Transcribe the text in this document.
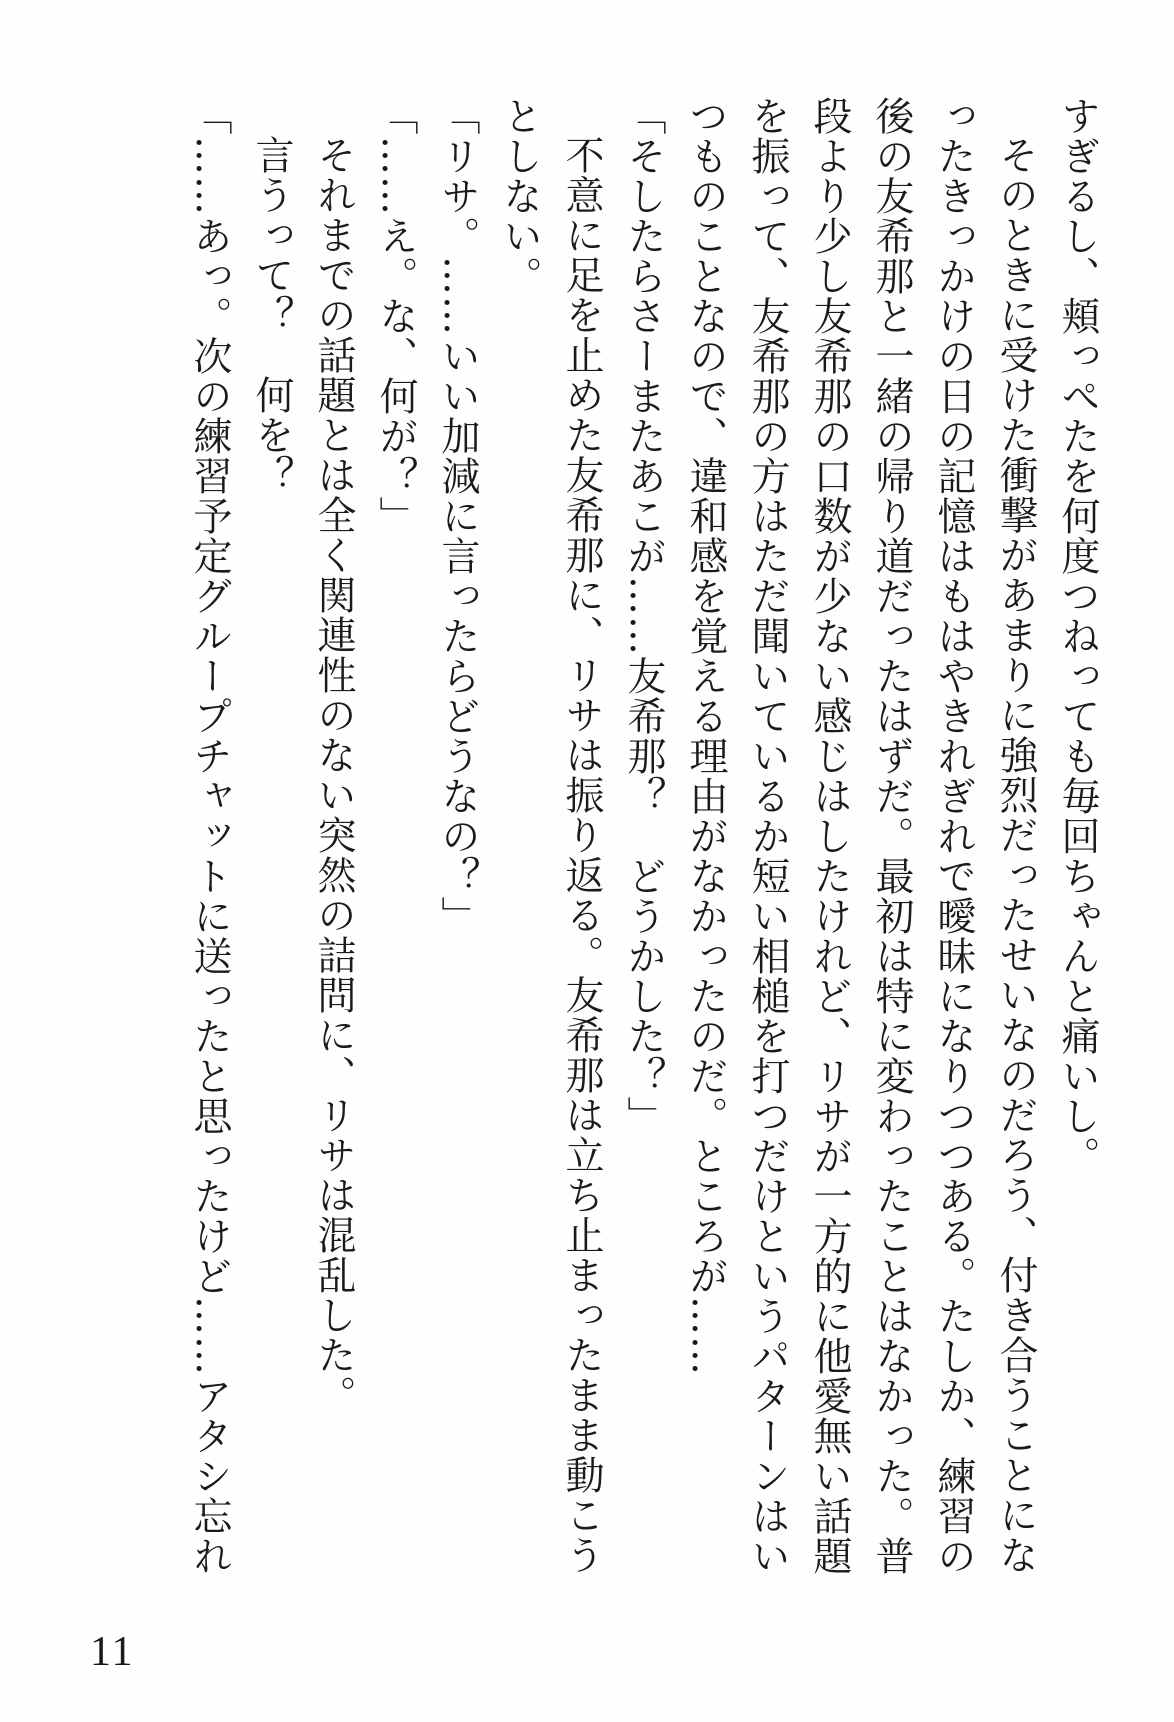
すぎるし、頬っぺたを何度つねっても毎回ちゃんと痛いし。

そのときに受けた衝撃があまりに強烈だったせいなのだろう、付き合うことになったきっかけの日の記憶はもはやきれぎれで曖昧になりつつある。たしか、練習の後の友希那と一緒の帰り道だったはずだ。最初は特に変わったことはなかった。普段より少し友希那の口数が少ない感じはしたけれど、リサが一方的に他愛無い話題を振って、友希那の方はただ聞いているか短い相槌を打つだけというパターンはいつものことなので、違和感を覚える理由がなかったのだ。ところが……

「そしたらさーまたあこが……友希那？　どうかした？」

不意に足を止めた友希那に、リサは振り返る。友希那は立ち止まったまま動こうとしない。

「リサ。……いい加減に言ったらどうなの？」

「……え。な、何が？」

それまでの話題とは全く関連性のない突然の詰問に、リサは混乱した。

言うって？　何を？

「……あっ。次の練習予定グループチャットに送ったと思ったけど……アタシ忘れ

11
